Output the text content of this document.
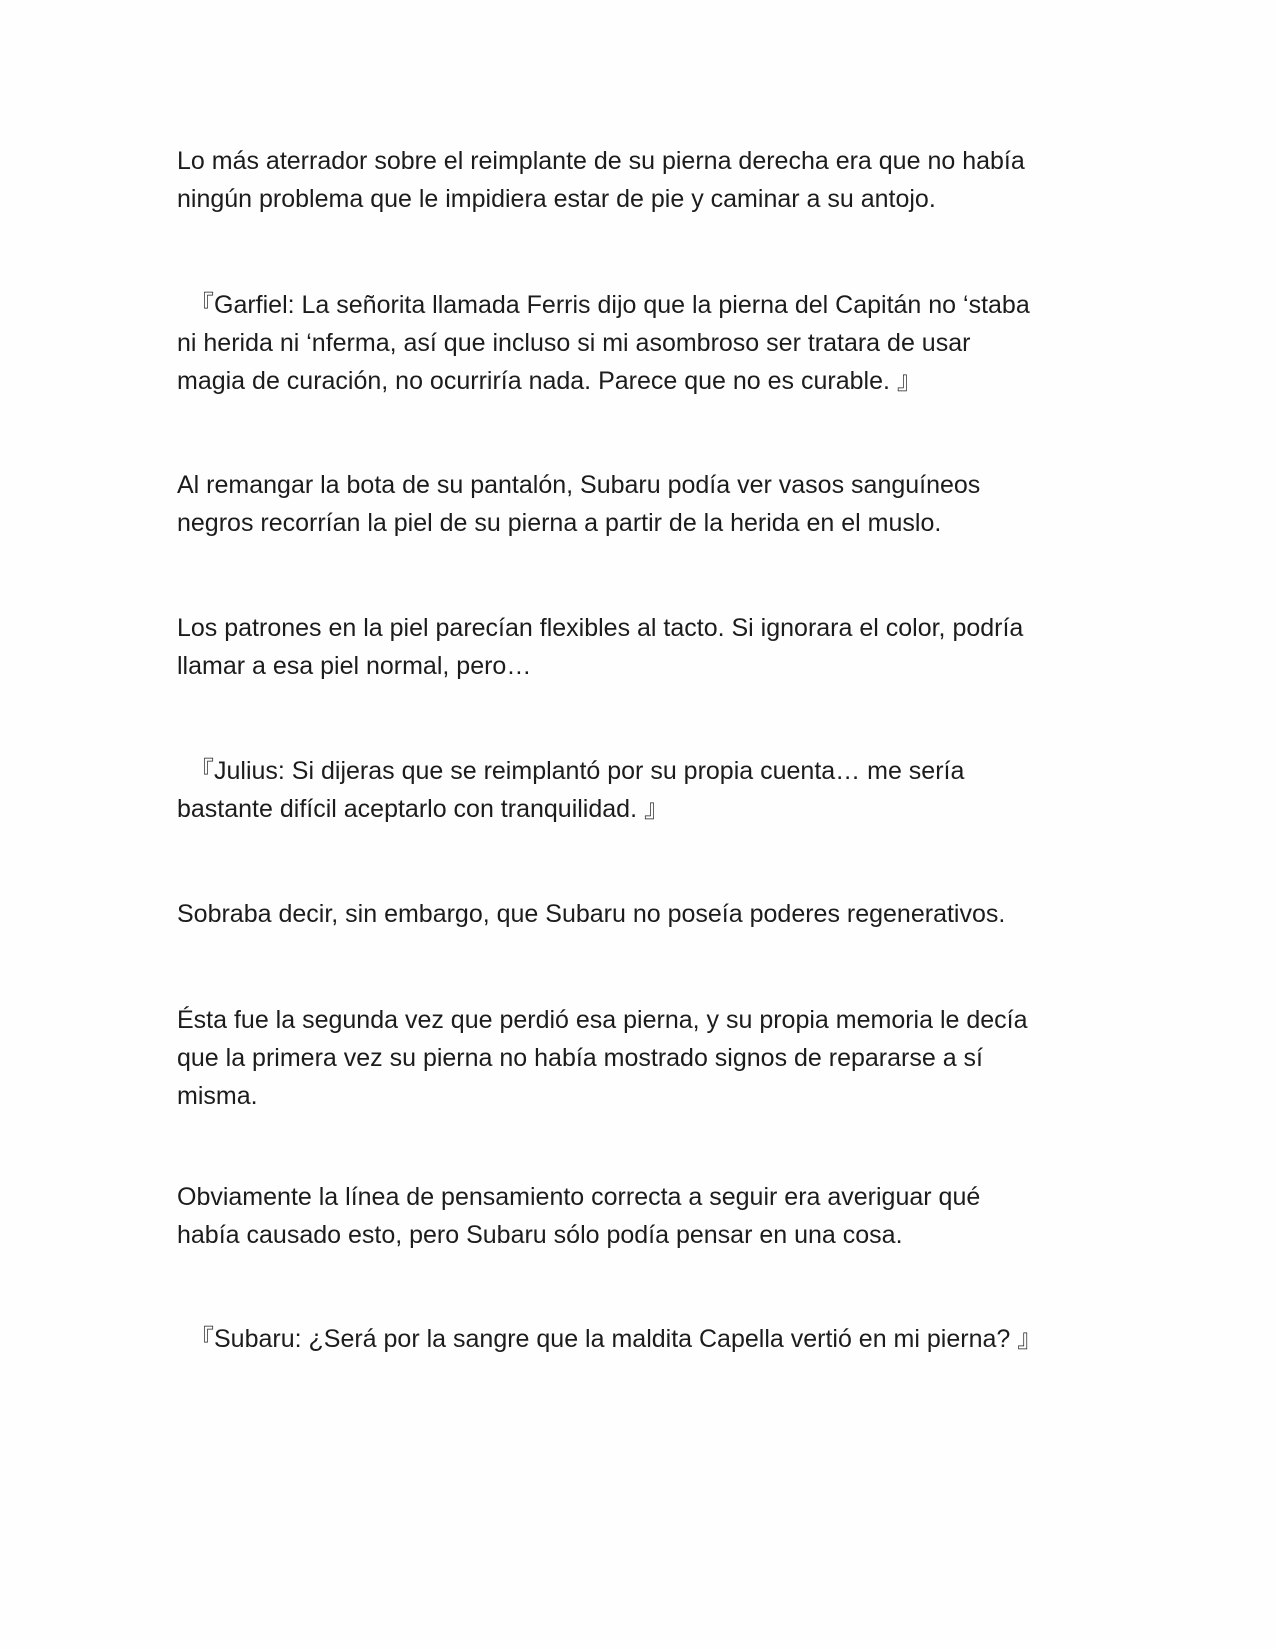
Lo más aterrador sobre el reimplante de su pierna derecha era que no había
ningún problema que le impidiera estar de pie y caminar a su antojo.

『Garfiel: La señorita llamada Ferris dijo que la pierna del Capitán no ‘staba
ni herida ni ‘nferma, así que incluso si mi asombroso ser tratara de usar
magia de curación, no ocurriría nada. Parece que no es curable. 』

Al remangar la bota de su pantalón, Subaru podía ver vasos sanguíneos
negros recorrían la piel de su pierna a partir de la herida en el muslo.

Los patrones en la piel parecían flexibles al tacto. Si ignorara el color, podría
llamar a esa piel normal, pero…

『Julius: Si dijeras que se reimplantó por su propia cuenta… me sería
bastante difícil aceptarlo con tranquilidad. 』

Sobraba decir, sin embargo, que Subaru no poseía poderes regenerativos.

Ésta fue la segunda vez que perdió esa pierna, y su propia memoria le decía
que la primera vez su pierna no había mostrado signos de repararse a sí
misma.

Obviamente la línea de pensamiento correcta a seguir era averiguar qué
había causado esto, pero Subaru sólo podía pensar en una cosa.

『Subaru: ¿Será por la sangre que la maldita Capella vertió en mi pierna? 』
